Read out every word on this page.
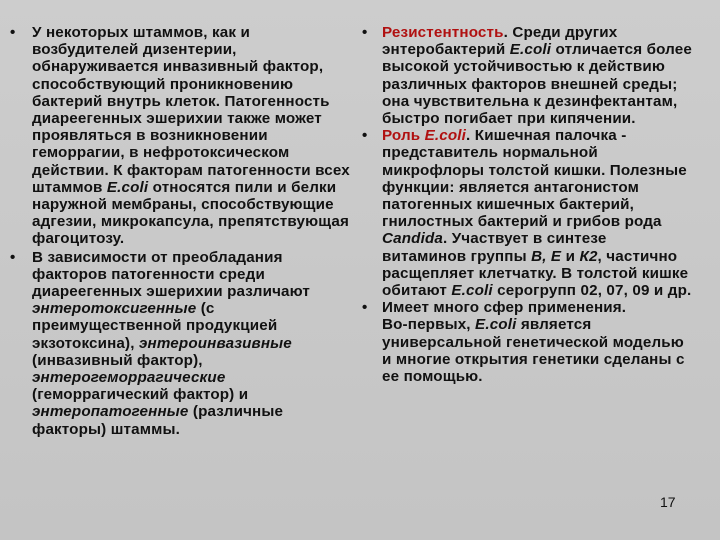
• У некоторых штаммов, как и возбудителей дизентерии, обнаруживается инвазивный фактор, способствующий проникновению бактерий внутрь клеток. Патогенность диареегенных эшерихии также может проявляться в возникновении геморрагии, в нефротоксическом действии. К факторам патогенности всех штаммов E.coli относятся пили и белки наружной мембраны, способствующие адгезии, микрокапсула, препятствующая фагоцитозу.

• В зависимости от преобладания факторов патогенности среди диареегенных эшерихии различают энтеротоксигенные (с преимущественной продукцией экзотоксина), энтероинвазивные (инвазивный фактор), энтерогеморрагические (геморрагический фактор) и энтеропатогенные (различные факторы) штаммы.

• Резистентность. Среди других энтеробактерий E.coli отличается более высокой устойчивостью к действию различных факторов внешней среды; она чувствительна к дезинфектантам, быстро погибает при кипячении.

• Роль E.coli. Кишечная палочка - представитель нормальной микрофлоры толстой кишки. Полезные функции: является антагонистом патогенных кишечных бактерий, гнилостных бактерий и грибов рода Candida. Участвует в синтезе витаминов группы В, Е и К2, частично расщепляет клетчатку. В толстой кишке обитают E.coli серогрупп 02, 07, 09 и др.

• Имеет много сфер применения.

Во-первых, E.coli является универсальной генетической моделью и многие открытия генетики сделаны с ее помощью.

17
